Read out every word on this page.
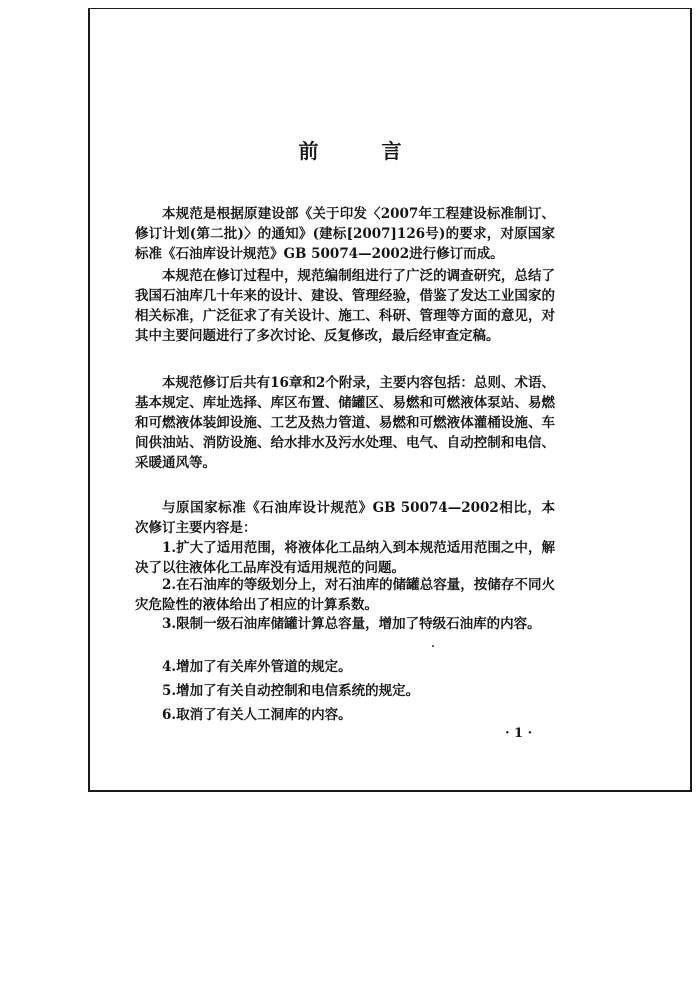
前 言

本规范是根据原建设部《关于印发〈2007年工程建设标准制订、修订计划(第二批)〉的通知》(建标[2007]126号)的要求，对原国家标准《石油库设计规范》GB 50074—2002进行修订而成。

本规范在修订过程中，规范编制组进行了广泛的调查研究，总结了我国石油库几十年来的设计、建设、管理经验，借鉴了发达工业国家的相关标准，广泛征求了有关设计、施工、科研、管理等方面的意见，对其中主要问题进行了多次讨论、反复修改，最后经审查定稿。

本规范修订后共有16章和2个附录，主要内容包括：总则、术语、基本规定、库址选择、库区布置、储罐区、易燃和可燃液体泵站、易燃和可燃液体装卸设施、工艺及热力管道、易燃和可燃液体灌桶设施、车间供油站、消防设施、给水排水及污水处理、电气、自动控制和电信、采暖通风等。

与原国家标准《石油库设计规范》GB 50074—2002相比，本次修订主要内容是：

1.扩大了适用范围，将液体化工品纳入到本规范适用范围之中，解决了以往液体化工品库没有适用规范的问题。

2.在石油库的等级划分上，对石油库的储罐总容量，按储存不同火灾危险性的液体给出了相应的计算系数。

3.限制一级石油库储罐计算总容量，增加了特级石油库的内容。

4.增加了有关库外管道的规定。

5.增加了有关自动控制和电信系统的规定。

6.取消了有关人工洞库的内容。

· 1 ·
